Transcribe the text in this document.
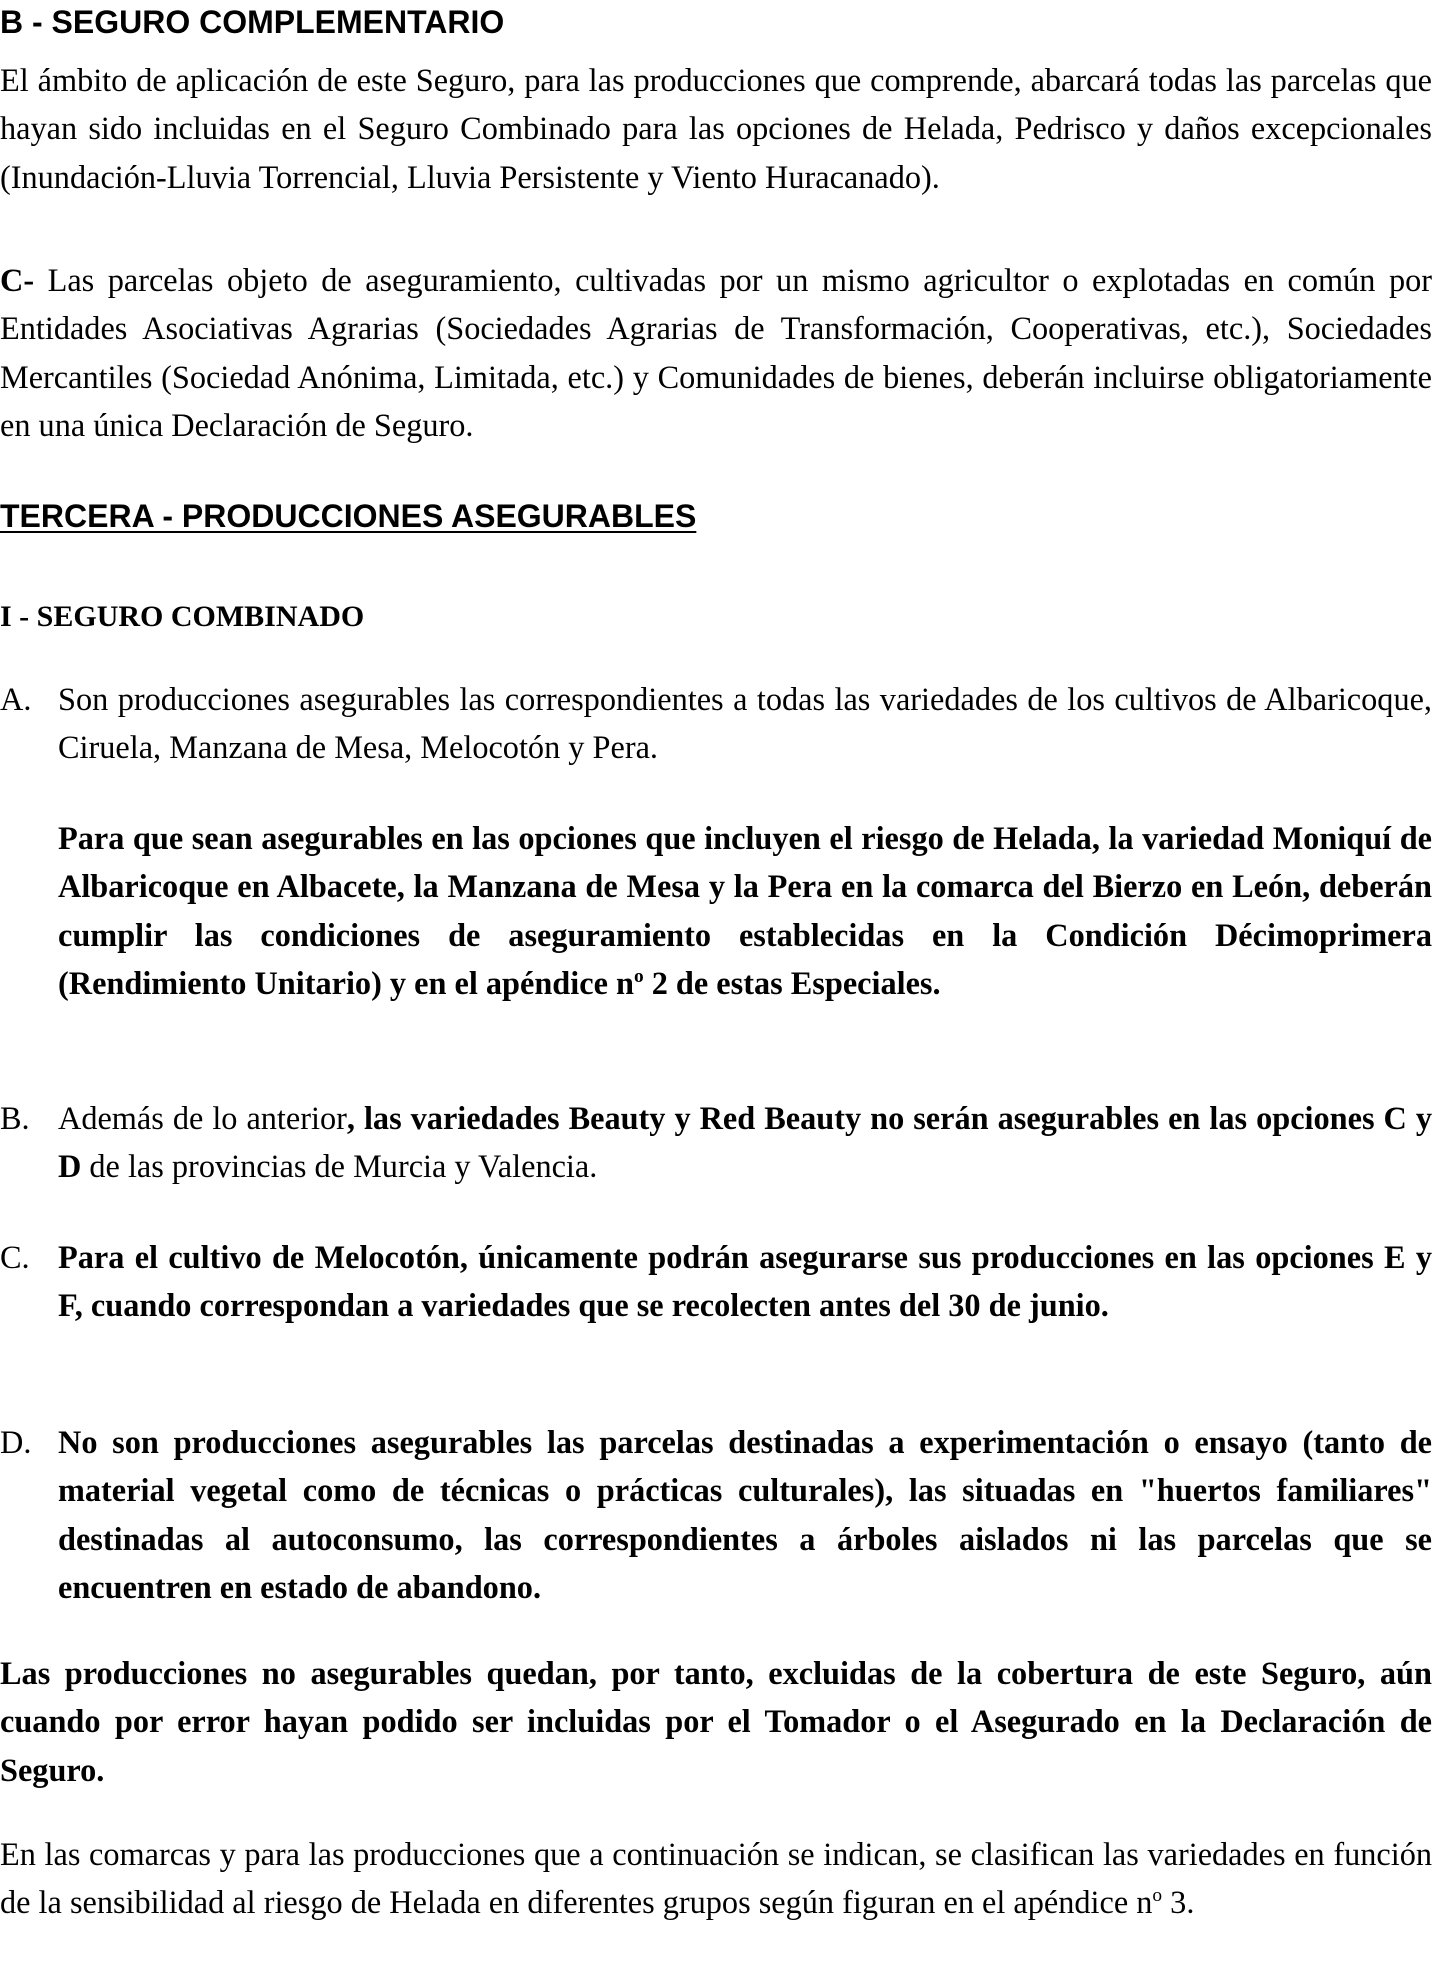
B - SEGURO COMPLEMENTARIO

El ámbito de aplicación de este Seguro, para las producciones que comprende, abarcará todas las parcelas que hayan sido incluidas en el Seguro Combinado para las opciones de Helada, Pedrisco y daños excepcionales (Inundación-Lluvia Torrencial, Lluvia Persistente y Viento Huracanado).

C- Las parcelas objeto de aseguramiento, cultivadas por un mismo agricultor o explotadas en común por Entidades Asociativas Agrarias (Sociedades Agrarias de Transformación, Cooperativas, etc.), Sociedades Mercantiles (Sociedad Anónima, Limitada, etc.) y Comunidades de bienes, deberán incluirse obligatoriamente en una única Declaración de Seguro.

TERCERA - PRODUCCIONES ASEGURABLES
I - SEGURO COMBINADO
A. Son producciones asegurables las correspondientes a todas las variedades de los cultivos de Albaricoque, Ciruela, Manzana de Mesa, Melocotón y Pera.

Para que sean asegurables en las opciones que incluyen el riesgo de Helada, la variedad Moniquí de Albaricoque en Albacete, la Manzana de Mesa y la Pera en la comarca del Bierzo en León, deberán cumplir las condiciones de aseguramiento establecidas en la Condición Décimoprimera (Rendimiento Unitario) y en el apéndice $n^o$ 2 de estas Especiales.

B. Además de lo anterior, las variedades Beauty y Red Beauty no serán asegurables en las opciones C y D de las provincias de Murcia y Valencia.

C. Para el cultivo de Melocotón, únicamente podrán asegurarse sus producciones en las opciones E y F, cuando correspondan a variedades que se recolecten antes del 30 de junio.

D. No son producciones asegurables las parcelas destinadas a experimentación o ensayo (tanto de material vegetal como de técnicas o prácticas culturales), las situadas en "huertos familiares" destinadas al autoconsumo, las correspondientes a árboles aislados ni las parcelas que se encuentren en estado de abandono.

Las producciones no asegurables quedan, por tanto, excluidas de la cobertura de este Seguro, aún cuando por error hayan podido ser incluidas por el Tomador o el Asegurado en la Declaración de Seguro.

En las comarcas y para las producciones que a continuación se indican, se clasifican las variedades en función de la sensibilidad al riesgo de Helada en diferentes grupos según figuran en el apéndice $n^o$ 3.
